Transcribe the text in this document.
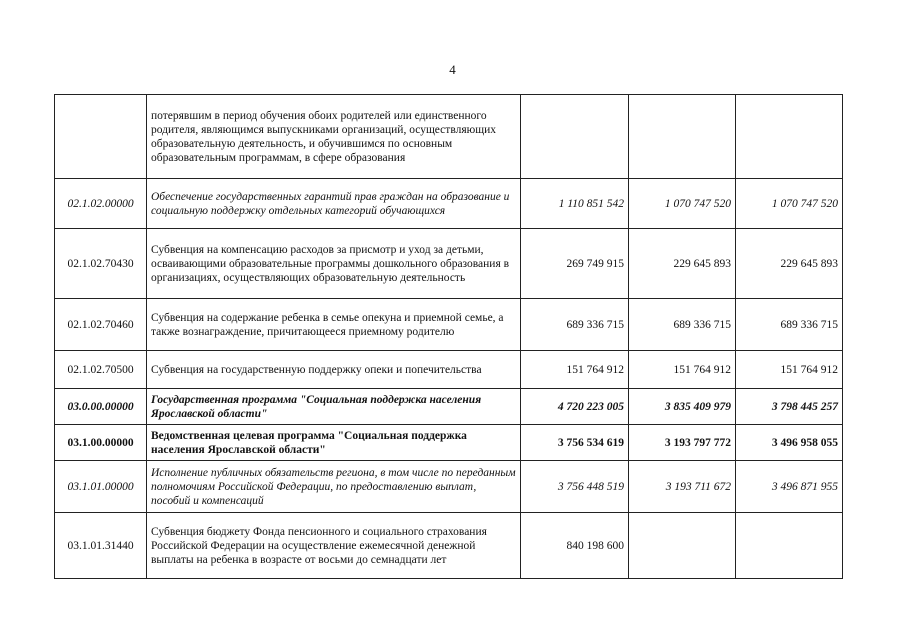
4
	потерявшим в период обучения обоих родителей или единственного родителя, являющимся выпускниками организаций, осуществляющих образовательную деятельность, и обучившимся по основным образовательным программам, в сфере образования			
02.1.02.00000	Обеспечение государственных гарантий прав граждан на образование и социальную поддержку отдельных категорий обучающихся	1 110 851 542	1 070 747 520	1 070 747 520
02.1.02.70430	Субвенция на компенсацию расходов за присмотр и уход за детьми, осваивающими образовательные программы дошкольного образования в организациях, осуществляющих образовательную деятельность	269 749 915	229 645 893	229 645 893
02.1.02.70460	Субвенция на содержание ребенка в семье опекуна и приемной семье, а также вознаграждение, причитающееся приемному родителю	689 336 715	689 336 715	689 336 715
02.1.02.70500	Субвенция на государственную поддержку опеки и попечительства	151 764 912	151 764 912	151 764 912
03.0.00.00000	Государственная программа "Социальная поддержка населения Ярославской области"	4 720 223 005	3 835 409 979	3 798 445 257
03.1.00.00000	Ведомственная целевая программа "Социальная поддержка населения Ярославской области"	3 756 534 619	3 193 797 772	3 496 958 055
03.1.01.00000	Исполнение публичных обязательств региона, в том числе по переданным полномочиям Российской Федерации, по предоставлению выплат, пособий и компенсаций	3 756 448 519	3 193 711 672	3 496 871 955
03.1.01.31440	Субвенция бюджету Фонда пенсионного и социального страхования Российской Федерации на осуществление ежемесячной денежной выплаты на ребенка в возрасте от восьми до семнадцати лет	840 198 600		
